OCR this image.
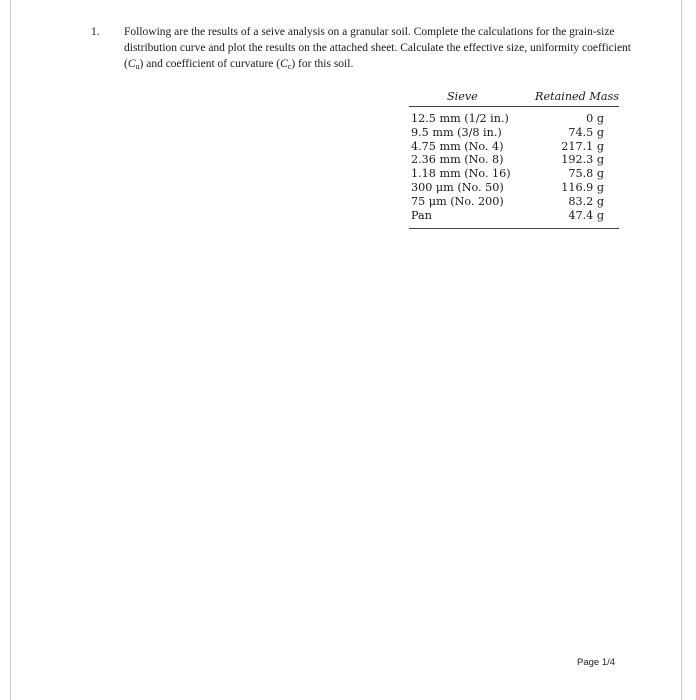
1. Following are the results of a seive analysis on a granular soil. Complete the calculations for the grain-size distribution curve and plot the results on the attached sheet. Calculate the effective size, uniformity coefficient $(C_u)$ and coefficient of curvature $(C_c)$ for this soil.
Sieve	Retained Mass
12.5 mm (1/2 in.)	0 g
9.5 mm (3/8 in.)	74.5 g
4.75 mm (No. 4)	217.1 g
2.36 mm (No. 8)	192.3 g
1.18 mm (No. 16)	75.8 g
300 μm (No. 50)	116.9 g
75 μm (No. 200)	83.2 g
Pan	47.4 g
Page 1/4
